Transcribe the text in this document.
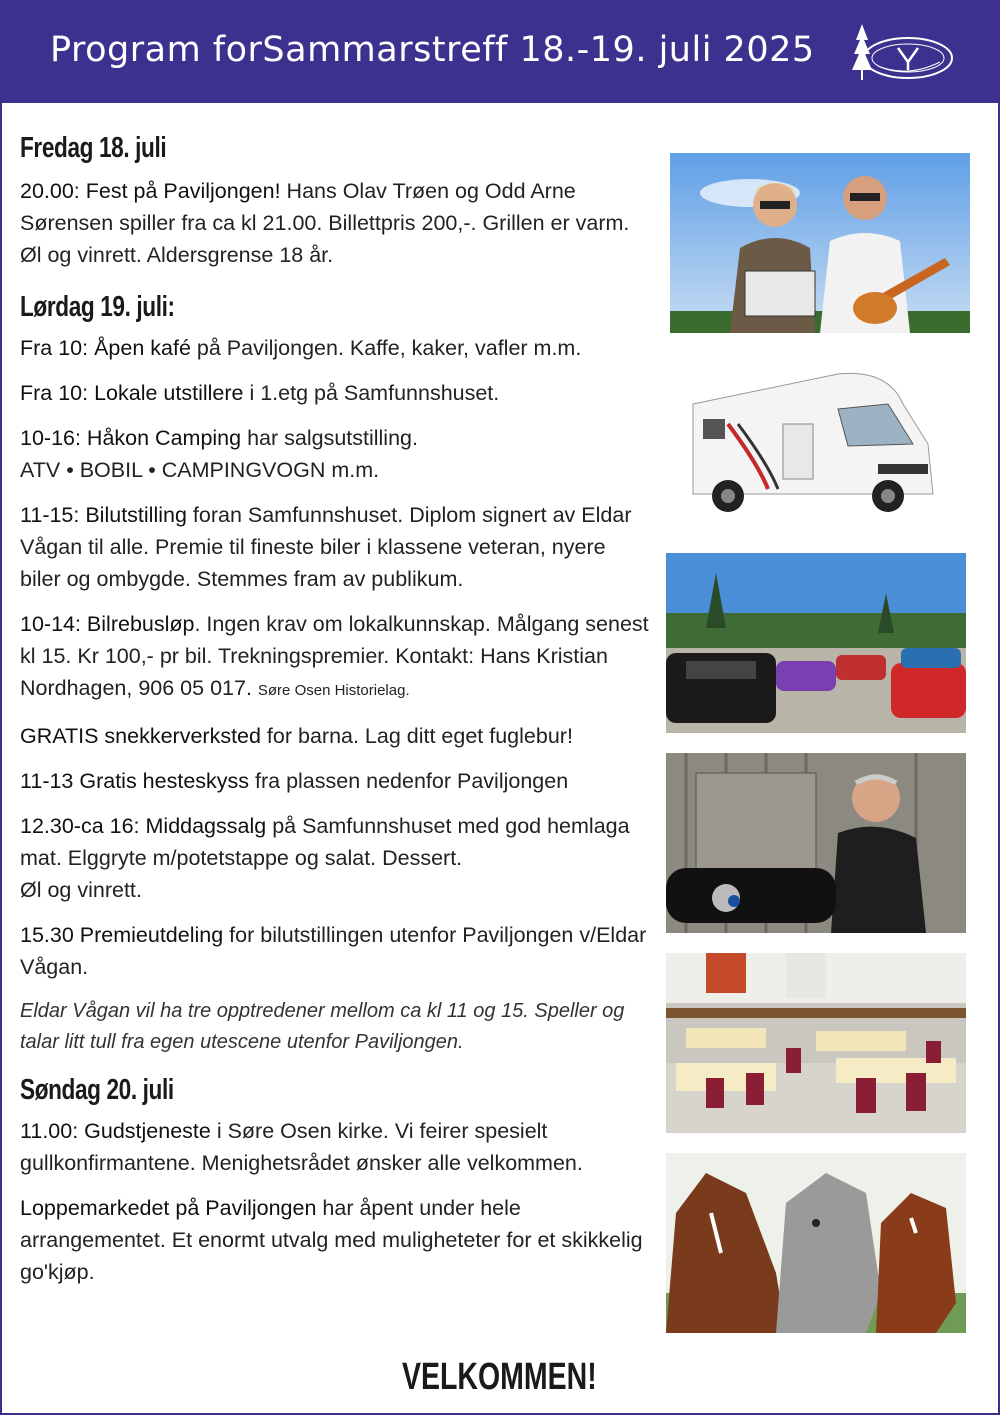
Program forSammarstreff 18.-19. juli 2025
Fredag 18. juli

20.00: Fest på Paviljongen! Hans Olav Trøen og Odd Arne Sørensen spiller fra ca kl 21.00. Billettpris 200,-. Grillen er varm. Øl og vinrett. Aldersgrense 18 år.

Lørdag 19. juli:

Fra 10: Åpen kafé på Paviljongen. Kaffe, kaker, vafler m.m.

Fra 10: Lokale utstillere i 1.etg på Samfunnshuset.

10-16: Håkon Camping har salgsutstilling.
ATV • BOBIL • CAMPINGVOGN m.m.

11-15: Bilutstilling foran Samfunnshuset. Diplom signert av Eldar Vågan til alle. Premie til fineste biler i klassene veteran, nyere biler og ombygde. Stemmes fram av publikum.

10-14: Bilrebusløp. Ingen krav om lokalkunnskap. Målgang senest kl 15. Kr 100,- pr bil. Trekningspremier. Kontakt: Hans Kristian Nordhagen, 906 05 017. Søre Osen Historielag.

GRATIS snekkerverksted for barna. Lag ditt eget fuglebur!

11-13 Gratis hesteskyss fra plassen nedenfor Paviljongen

12.30-ca 16: Middagssalg på Samfunnshuset med god hemlaga mat. Elggryte m/potetstappe og salat. Dessert.
Øl og vinrett.

15.30 Premieutdeling for bilutstillingen utenfor Paviljongen v/Eldar Vågan.

Eldar Vågan vil ha tre opptredener mellom ca kl 11 og 15. Speller og talar litt tull fra egen utescene utenfor Paviljongen.

Søndag 20. juli

11.00: Gudstjeneste i Søre Osen kirke. Vi feirer spesielt gullkonfirmantene. Menighetsrådet ønsker alle velkommen.

Loppemarkedet på Paviljongen har åpent under hele arrangementet. Et enormt utvalg med muligheteter for et skikkelig go'kjøp.

VELKOMMEN!
